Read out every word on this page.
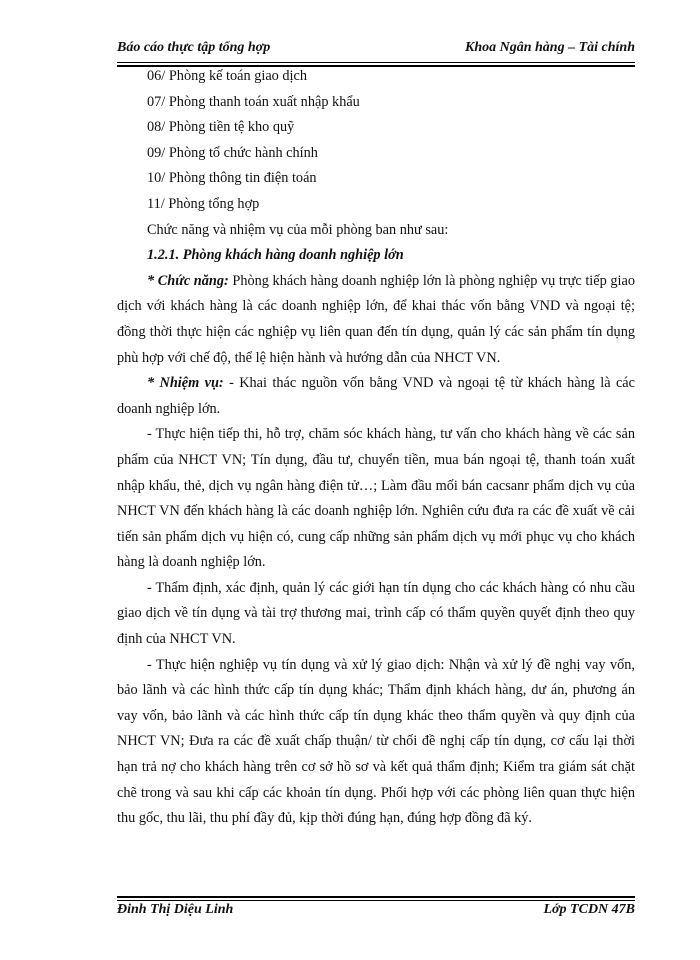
Báo cáo thực tập tổng hợp	Khoa Ngân hàng – Tài chính

06/ Phòng kế toán giao dịch

07/ Phòng thanh toán xuất nhập khẩu

08/ Phòng tiền tệ kho quỹ

09/ Phòng tổ chức hành chính

10/ Phòng thông tin điện toán

11/ Phòng tổng hợp

Chức năng và nhiệm vụ của mỗi phòng ban như sau:

1.2.1. Phòng khách hàng doanh nghiệp lớn

* Chức năng: Phòng khách hàng doanh nghiệp lớn là phòng nghiệp vụ trực tiếp giao dịch với khách hàng là các doanh nghiệp lớn, để khai thác vốn bằng VND và ngoại tệ; đồng thời thực hiện các nghiệp vụ liên quan đến tín dụng, quản lý các sản phẩm tín dụng phù hợp với chế độ, thể lệ hiện hành và hướng dẫn của NHCT VN.

* Nhiệm vụ: - Khai thác nguồn vốn bằng VND và ngoại tệ từ khách hàng là các doanh nghiệp lớn.

- Thực hiện tiếp thi, hỗ trợ, chăm sóc khách hàng, tư vấn cho khách hàng về các sản phẩm của NHCT VN; Tín dụng, đầu tư, chuyển tiền, mua bán ngoại tệ, thanh toán xuất nhập khẩu, thẻ, dịch vụ ngân hàng điện tử…; Làm đầu mối bán cacsanr phẩm dịch vụ của NHCT VN đến khách hàng là các doanh nghiệp lớn. Nghiên cứu đưa ra các đề xuất về cải tiến sản phẩm dịch vụ hiện có, cung cấp những sản phẩm dịch vụ mới phục vụ cho khách hàng là doanh nghiệp lớn.

- Thẩm định, xác định, quản lý các giới hạn tín dụng cho các khách hàng có nhu cầu giao dịch về tín dụng và tài trợ thương mai, trình cấp có thẩm quyền quyết định theo quy định của NHCT VN.

- Thực hiện nghiệp vụ tín dụng và xử lý giao dịch: Nhận và xử lý đề nghị vay vốn, bảo lãnh và các hình thức cấp tín dụng khác; Thẩm định khách hàng, dư án, phương án vay vốn, bảo lãnh và các hình thức cấp tín dụng khác theo thẩm quyền và quy định của NHCT VN; Đưa ra các đề xuất chấp thuận/ từ chối đề nghị cấp tín dụng, cơ cấu lại thời hạn trả nợ cho khách hàng trên cơ sở hồ sơ và kết quả thẩm định; Kiểm tra giám sát chặt chẽ trong và sau khi cấp các khoản tín dụng. Phối hợp với các phòng liên quan thực hiện thu gốc, thu lãi, thu phí đầy đủ, kịp thời đúng hạn, đúng hợp đồng đã ký.

Đinh Thị Diệu Linh	Lớp TCDN 47B
